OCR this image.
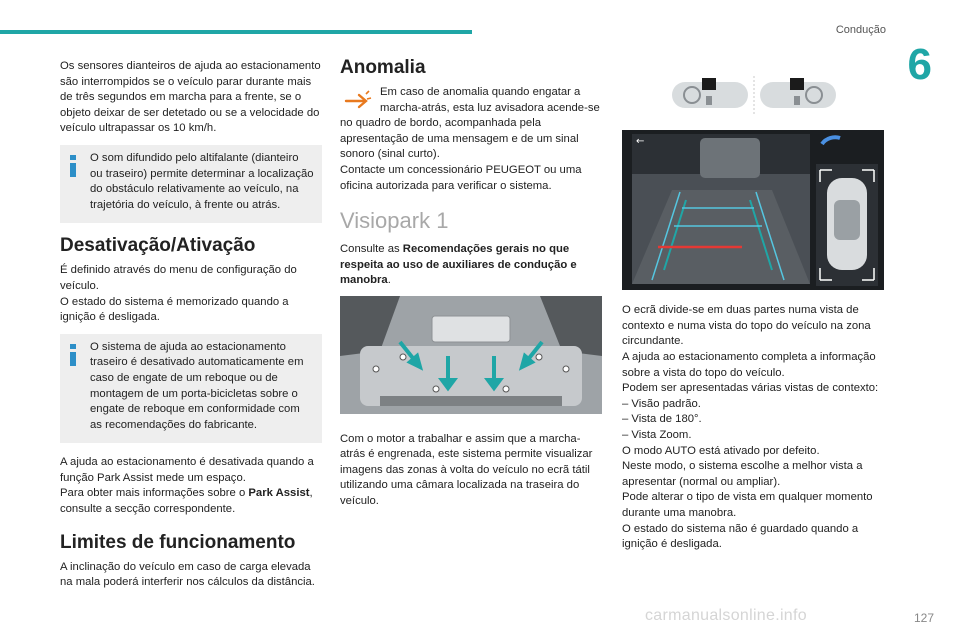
Condução
6

Os sensores dianteiros de ajuda ao estacionamento são interrompidos se o veículo parar durante mais de três segundos em marcha para a frente, se o objeto deixar de ser detetado ou se a velocidade do veículo ultrapassar os 10 km/h.

O som difundido pelo altifalante (dianteiro ou traseiro) permite determinar a localização do obstáculo relativamente ao veículo, na trajetória do veículo, à frente ou atrás.

Desativação/Ativação

É definido através do menu de configuração do veículo.

O estado do sistema é memorizado quando a ignição é desligada.

O sistema de ajuda ao estacionamento traseiro é desativado automaticamente em caso de engate de um reboque ou de montagem de um porta-bicicletas sobre o engate de reboque em conformidade com as recomendações do fabricante.

A ajuda ao estacionamento é desativada quando a função Park Assist mede um espaço.

Para obter mais informações sobre o Park Assist, consulte a secção correspondente.

Limites de funcionamento

A inclinação do veículo em caso de carga elevada na mala poderá interferir nos cálculos da distância.

Anomalia

Em caso de anomalia quando engatar a marcha-atrás, esta luz avisadora acende-se no quadro de bordo, acompanhada pela apresentação de uma mensagem e de um sinal sonoro (sinal curto).

Contacte um concessionário PEUGEOT ou uma oficina autorizada para verificar o sistema.

Visiopark 1

Consulte as Recomendações gerais no que respeita ao uso de auxiliares de condução e manobra.

Com o motor a trabalhar e assim que a marcha-atrás é engrenada, este sistema permite visualizar imagens das zonas à volta do veículo no ecrã tátil utilizando uma câmara localizada na traseira do veículo.

←

O ecrã divide-se em duas partes numa vista de contexto e numa vista do topo do veículo na zona circundante.

A ajuda ao estacionamento completa a informação sobre a vista do topo do veículo.

Podem ser apresentadas várias vistas de contexto:

– Visão padrão.

– Vista de 180°.

– Vista Zoom.

O modo AUTO está ativado por defeito.

Neste modo, o sistema escolhe a melhor vista a apresentar (normal ou ampliar).

Pode alterar o tipo de vista em qualquer momento durante uma manobra.

O estado do sistema não é guardado quando a ignição é desligada.

127
carmanualsonline.info
